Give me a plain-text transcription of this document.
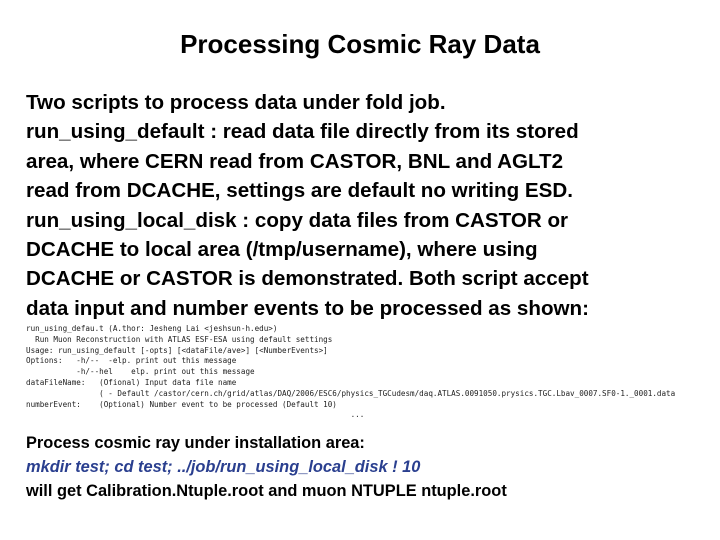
Processing Cosmic Ray Data
Two scripts to process data under fold job.
run_using_default : read data file directly from its stored
area, where CERN read from CASTOR, BNL and AGLT2
read from DCACHE, settings are default no writing ESD.
run_using_local_disk : copy data files from CASTOR or
DCACHE to local area (/tmp/username), where using
DCACHE or CASTOR is demonstrated. Both script accept
data input and number events to be processed as shown:
run_using_defau.t (A.thor: Jesheng Lai <jeshsun-h.edu>)
Run Muon Reconstruction with ATLAS ESF-ESA using default settings
Usage: run_using_default [-opts] [<dataFile/ave>] [<NumberEvents>]
Options:   -h/--  -elp. print out this message
-h/--hel    elp. print out this message
dataFileName:   (Ofional) Input data file name
( - Default /castor/cern.ch/grid/atlas/DAQ/2006/ESC6/physics_TGCudesm/daq.ATLAS.0091050.prysics.TGC.Lbav_0007.SF0-1._0001.data
numberEvent:    (Optional) Number event to be processed (Default 10)
...
Process cosmic ray under installation area:
mkdir test; cd test; ../job/run_using_local_disk ! 10
will get Calibration.Ntuple.root and muon NTUPLE ntuple.root
